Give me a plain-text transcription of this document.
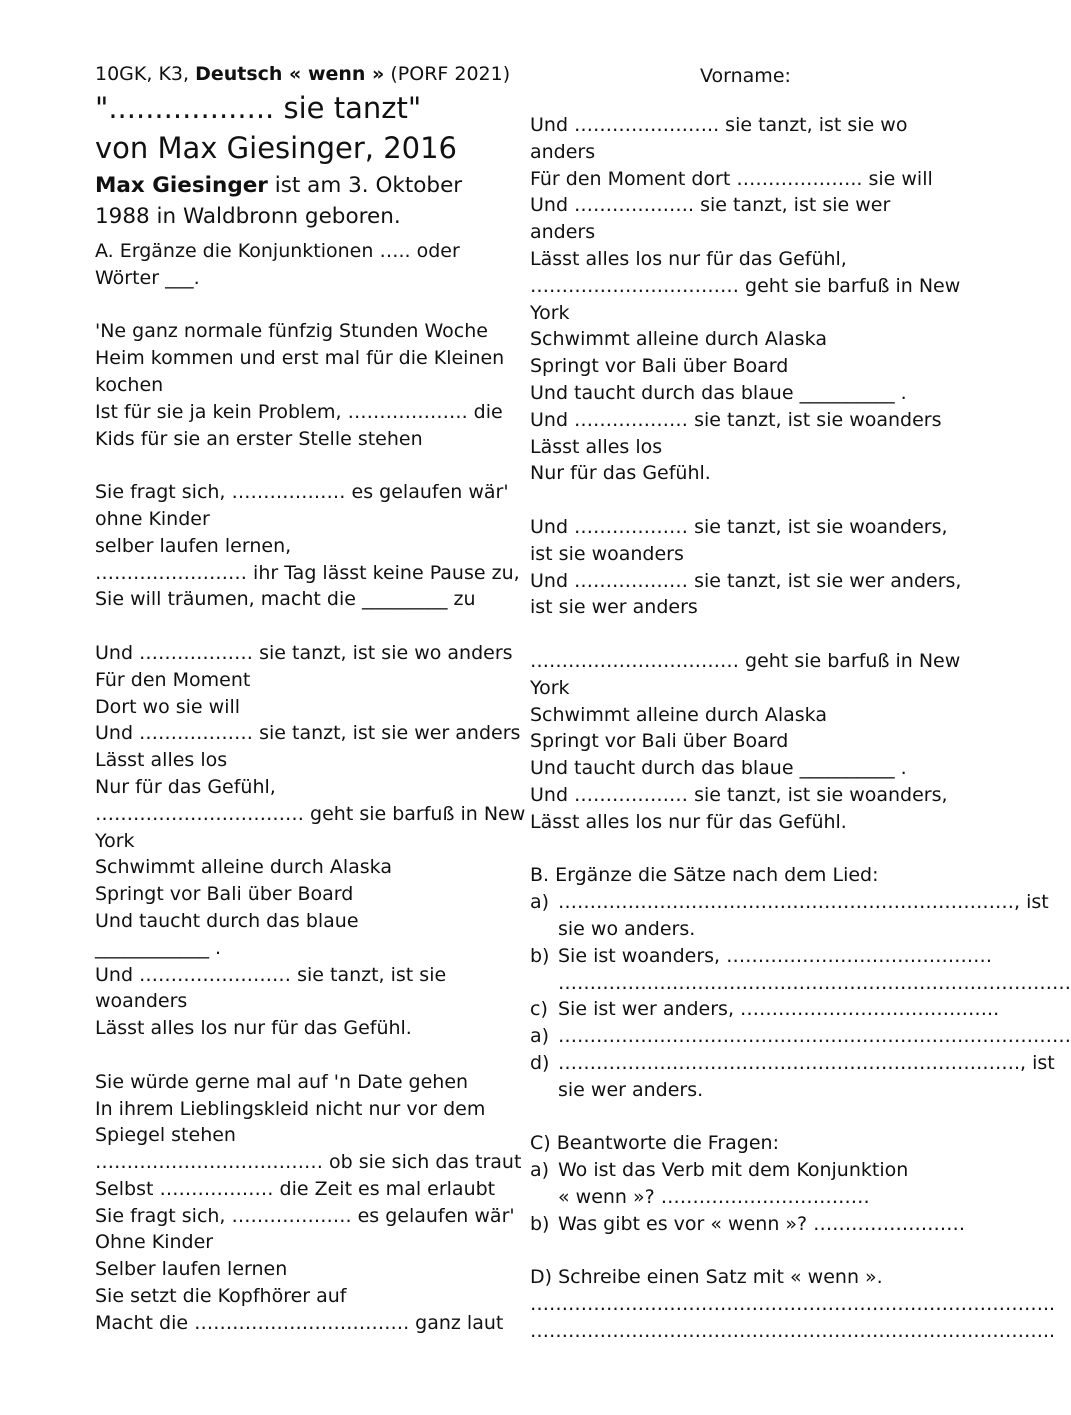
Vorname:
10GK, K3, Deutsch « wenn » (PORF 2021)
".................. sie tanzt"
von Max Giesinger, 2016
Max Giesinger ist am 3. Oktober
1988 in Waldbronn geboren.
A. Ergänze die Konjunktionen ….. oder
Wörter ___.
'Ne ganz normale fünfzig Stunden Woche
Heim kommen und erst mal für die Kleinen
kochen
Ist für sie ja kein Problem, ………………. die
Kids für sie an erster Stelle stehen
Sie fragt sich, ……………… es gelaufen wär'
ohne Kinder
selber laufen lernen,
…………………… ihr Tag lässt keine Pause zu,
Sie will träumen, macht die _________ zu
Und ……………… sie tanzt, ist sie wo anders
Für den Moment
Dort wo sie will
Und ……………… sie tanzt, ist sie wer anders
Lässt alles los
Nur für das Gefühl,
…………………………… geht sie barfuß in New
York
Schwimmt alleine durch Alaska
Springt vor Bali über Board
Und taucht durch das blaue
____________ .
Und …………………… sie tanzt, ist sie
woanders
Lässt alles los nur für das Gefühl.
Sie würde gerne mal auf 'n Date gehen
In ihrem Lieblingskleid nicht nur vor dem
Spiegel stehen
……………………………… ob sie sich das traut
Selbst ……………… die Zeit es mal erlaubt
Sie fragt sich, ………………. es gelaufen wär'
Ohne Kinder
Selber laufen lernen
Sie setzt die Kopfhörer auf
Macht die ……………………………. ganz laut
Und ………………….. sie tanzt, ist sie wo
anders
Für den Moment dort ……………….. sie will
Und ………………. sie tanzt, ist sie wer
anders
Lässt alles los nur für das Gefühl,
…………………………… geht sie barfuß in New
York
Schwimmt alleine durch Alaska
Springt vor Bali über Board
Und taucht durch das blaue __________ .
Und ……………… sie tanzt, ist sie woanders
Lässt alles los
Nur für das Gefühl.
Und ……………… sie tanzt, ist sie woanders,
ist sie woanders
Und ……………… sie tanzt, ist sie wer anders,
ist sie wer anders
…………………………… geht sie barfuß in New
York
Schwimmt alleine durch Alaska
Springt vor Bali über Board
Und taucht durch das blaue __________ .
Und ……………… sie tanzt, ist sie woanders,
Lässt alles los nur für das Gefühl.
B. Ergänze die Sätze nach dem Lied:
a) ………………………………………………………………, ist
sie wo anders.
b) Sie ist woanders, ……………………………………
………………………………………………………………………
c) Sie ist wer anders, …………………………………..
a) ………………………………………………………………………
d) ………………………………………………………………., ist
sie wer anders.
C) Beantworte die Fragen:
a) Wo ist das Verb mit dem Konjunktion
« wenn »? ……………………………
b) Was gibt es vor « wenn »? ……………………
D) Schreibe einen Satz mit « wenn ».
………………………………………………………………………..
………………………………………………………………………..
